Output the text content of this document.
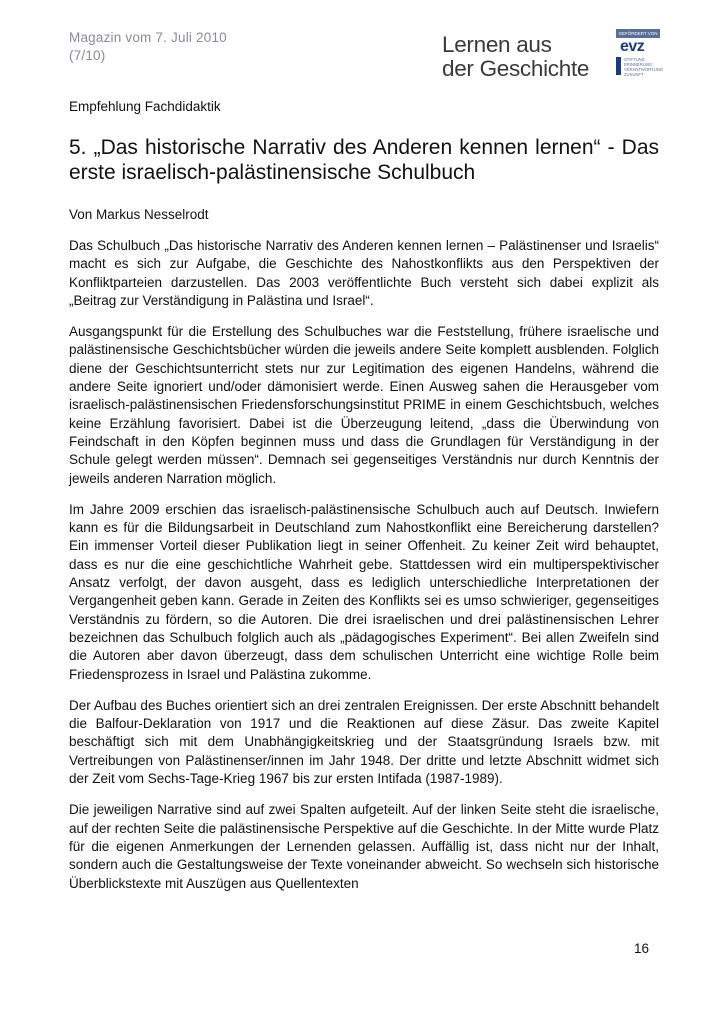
Magazin vom 7. Juli 2010
(7/10)	Lernen aus
der Geschichte
GEFÖRDERT VON
evz
STIFTUNG ERINNERUNG VERANTWORTUNG ZUKUNFT
Empfehlung Fachdidaktik
5. „Das historische Narrativ des Anderen kennen lernen“ - Das erste israelisch-palästinensische Schulbuch
Von Markus Nesselrodt

Das Schulbuch „Das historische Narrativ des Anderen kennen lernen – Palästinenser und Israelis“ macht es sich zur Aufgabe, die Geschichte des Nahostkonflikts aus den Perspektiven der Konfliktparteien darzustellen. Das 2003 veröffentlichte Buch versteht sich dabei explizit als „Beitrag zur Verständigung in Palästina und Israel“.

Ausgangspunkt für die Erstellung des Schulbuches war die Feststellung, frühere israelische und palästinensische Geschichtsbücher würden die jeweils andere Seite komplett ausblenden. Folglich diene der Geschichtsunterricht stets nur zur Legitimation des eigenen Handelns, während die andere Seite ignoriert und/oder dämonisiert werde. Einen Ausweg sahen die Herausgeber vom israelisch-palästinensischen Friedensforschungsinstitut PRIME in einem Geschichtsbuch, welches keine Erzählung favorisiert. Dabei ist die Überzeugung leitend, „dass die Überwindung von Feindschaft in den Köpfen beginnen muss und dass die Grundlagen für Verständigung in der Schule gelegt werden müssen“. Demnach sei gegenseitiges Verständnis nur durch Kenntnis der jeweils anderen Narration möglich.

Im Jahre 2009 erschien das israelisch-palästinensische Schulbuch auch auf Deutsch. Inwiefern kann es für die Bildungsarbeit in Deutschland zum Nahostkonflikt eine Bereicherung darstellen? Ein immenser Vorteil dieser Publikation liegt in seiner Offenheit. Zu keiner Zeit wird behauptet, dass es nur die eine geschichtliche Wahrheit gebe. Stattdessen wird ein multiperspektivischer Ansatz verfolgt, der davon ausgeht, dass es lediglich unterschiedliche Interpretationen der Vergangenheit geben kann. Gerade in Zeiten des Konflikts sei es umso schwieriger, gegenseitiges Verständnis zu fördern, so die Autoren. Die drei israelischen und drei palästinensischen Lehrer bezeichnen das Schulbuch folglich auch als „pädagogisches Experiment“. Bei allen Zweifeln sind die Autoren aber davon überzeugt, dass dem schulischen Unterricht eine wichtige Rolle beim Friedensprozess in Israel und Palästina zukomme.

Der Aufbau des Buches orientiert sich an drei zentralen Ereignissen. Der erste Abschnitt behandelt die Balfour-Deklaration von 1917 und die Reaktionen auf diese Zäsur. Das zweite Kapitel beschäftigt sich mit dem Unabhängigkeitskrieg und der Staatsgründung Israels bzw. mit Vertreibungen von Palästinenser/innen im Jahr 1948. Der dritte und letzte Abschnitt widmet sich der Zeit vom Sechs-Tage-Krieg 1967 bis zur ersten Intifada (1987-1989).

Die jeweiligen Narrative sind auf zwei Spalten aufgeteilt. Auf der linken Seite steht die israelische, auf der rechten Seite die palästinensische Perspektive auf die Geschichte. In der Mitte wurde Platz für die eigenen Anmerkungen der Lernenden gelassen. Auffällig ist, dass nicht nur der Inhalt, sondern auch die Gestaltungsweise der Texte voneinander abweicht. So wechseln sich historische Überblickstexte mit Auszügen aus Quellentexten

16
